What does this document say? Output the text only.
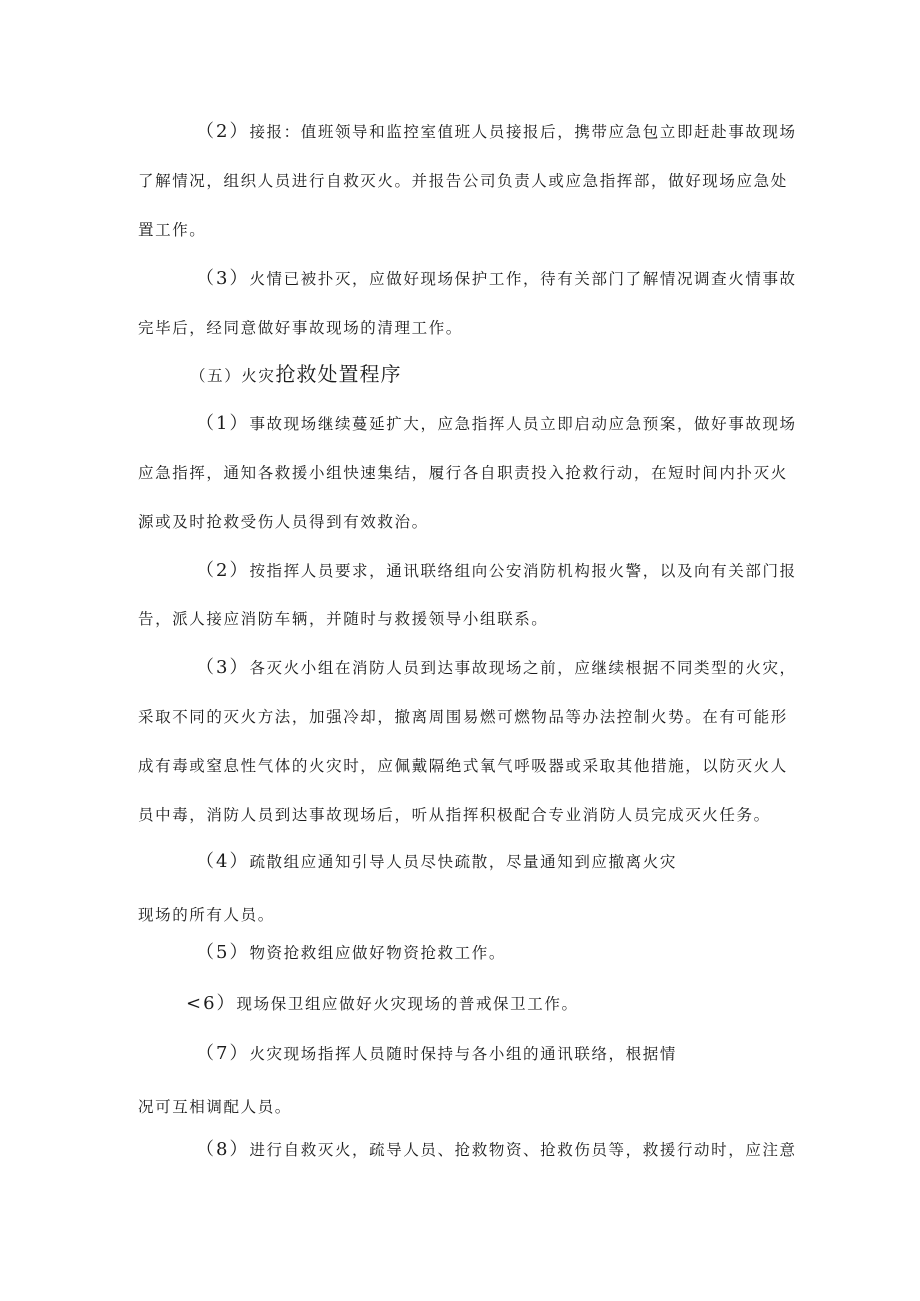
（2）接报：值班领导和监控室值班人员接报后，携带应急包立即赶赴事故现场
了解情况，组织人员进行自救灭火。并报告公司负责人或应急指挥部，做好现场应急处
置工作。
（3）火情已被扑灭，应做好现场保护工作，待有关部门了解情况调查火情事故
完毕后，经同意做好事故现场的清理工作。
（五）火灾抢救处置程序
（1）事故现场继续蔓延扩大，应急指挥人员立即启动应急预案，做好事故现场
应急指挥，通知各救援小组快速集结，履行各自职责投入抢救行动，在短时间内扑灭火
源或及时抢救受伤人员得到有效救治。
（2）按指挥人员要求，通讯联络组向公安消防机构报火警，以及向有关部门报
告，派人接应消防车辆，并随时与救援领导小组联系。
（3）各灭火小组在消防人员到达事故现场之前，应继续根据不同类型的火灾，
采取不同的灭火方法，加强冷却，撤离周围易燃可燃物品等办法控制火势。在有可能形
成有毒或窒息性气体的火灾时，应佩戴隔绝式氧气呼吸器或采取其他措施，以防灭火人
员中毒，消防人员到达事故现场后，听从指挥积极配合专业消防人员完成灭火任务。
（4）疏散组应通知引导人员尽快疏散，尽量通知到应撤离火灾
现场的所有人员。
（5）物资抢救组应做好物资抢救工作。
<6）现场保卫组应做好火灾现场的普戒保卫工作。
（7）火灾现场指挥人员随时保持与各小组的通讯联络，根据情
况可互相调配人员。
（8）进行自救灭火，疏导人员、抢救物资、抢救伤员等，救援行动时，应注意
